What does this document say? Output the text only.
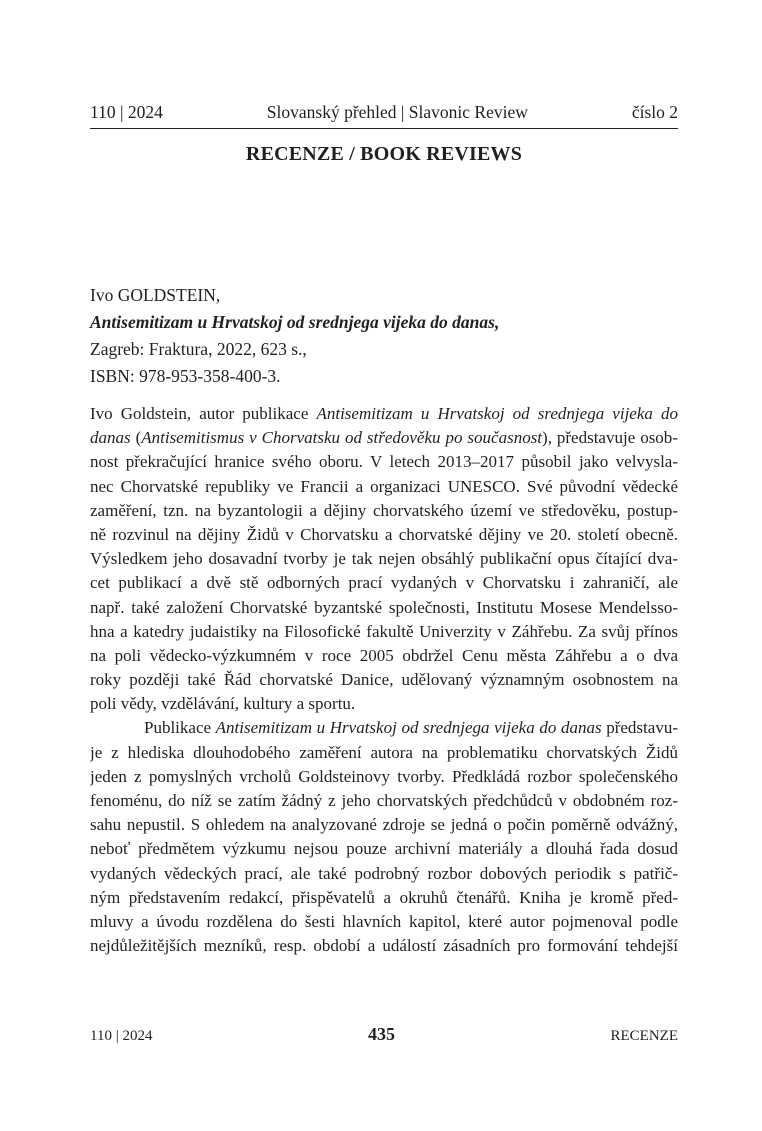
110 | 2024	Slovanský přehled | Slavonic Review	číslo 2
RECENZE / BOOK REVIEWS
Ivo GOLDSTEIN,
Antisemitizam u Hrvatskoj od srednjega vijeka do danas,
Zagreb: Fraktura, 2022, 623 s.,
ISBN: 978-953-358-400-3.
Ivo Goldstein, autor publikace Antisemitizam u Hrvatskoj od srednjega vijeka do
danas (Antisemitismus v Chorvatsku od středověku po současnost), představuje osob-
nost překračující hranice svého oboru. V letech 2013–2017 působil jako velvysla-
nec Chorvatské republiky ve Francii a organizaci UNESCO. Své původní vědecké
zaměření, tzn. na byzantologii a dějiny chorvatského území ve středověku, postup-
ně rozvinul na dějiny Židů v Chorvatsku a chorvatské dějiny ve 20. století obecně.
Výsledkem jeho dosavadní tvorby je tak nejen obsáhlý publikační opus čítající dva-
cet publikací a dvě stě odborných prací vydaných v Chorvatsku i zahraničí, ale
např. také založení Chorvatské byzantské společnosti, Institutu Mosese Mendelsso-
hna a katedry judaistiky na Filosofické fakultě Univerzity v Záhřebu. Za svůj přínos
na poli vědecko-výzkumném v roce 2005 obdržel Cenu města Záhřebu a o dva
roky později také Řád chorvatské Danice, udělovaný významným osobnostem na
poli vědy, vzdělávání, kultury a sportu.
Publikace Antisemitizam u Hrvatskoj od srednjega vijeka do danas představu-
je z hlediska dlouhodobého zaměření autora na problematiku chorvatských Židů
jeden z pomyslných vrcholů Goldsteinovy tvorby. Předkládá rozbor společenského
fenoménu, do níž se zatím žádný z jeho chorvatských předchůdců v obdobném roz-
sahu nepustil. S ohledem na analyzované zdroje se jedná o počin poměrně odvážný,
neboť předmětem výzkumu nejsou pouze archivní materiály a dlouhá řada dosud
vydaných vědeckých prací, ale také podrobný rozbor dobových periodik s patřič-
ným představením redakcí, přispěvatelů a okruhů čtenářů. Kniha je kromě před-
mluvy a úvodu rozdělena do šesti hlavních kapitol, které autor pojmenoval podle
nejdůležitějších mezníků, resp. období a událostí zásadních pro formování tehdejší
110 | 2024	435	RECENZE
